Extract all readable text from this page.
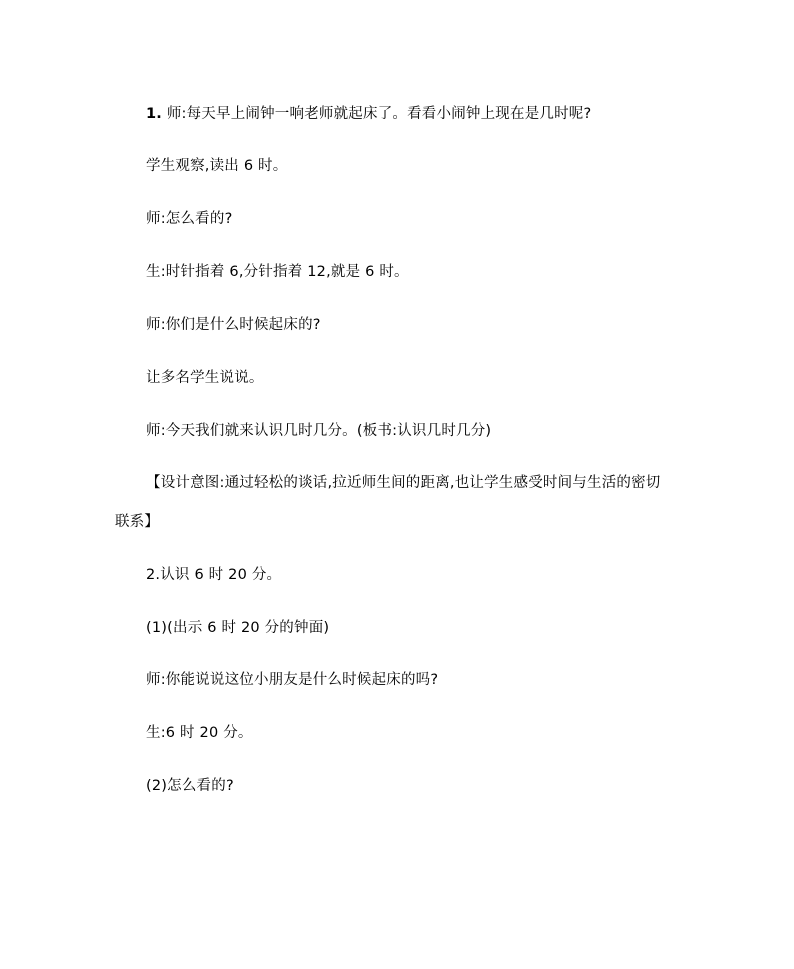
1. 师:每天早上闹钟一响老师就起床了。看看小闹钟上现在是几时呢?
学生观察,读出 6 时。
师:怎么看的?
生:时针指着 6,分针指着 12,就是 6 时。
师:你们是什么时候起床的?
让多名学生说说。
师:今天我们就来认识几时几分。(板书:认识几时几分)
【设计意图:通过轻松的谈话,拉近师生间的距离,也让学生感受时间与生活的密切
联系】
2.认识 6 时 20 分。
(1)(出示 6 时 20 分的钟面)
师:你能说说这位小朋友是什么时候起床的吗?
生:6 时 20 分。
(2)怎么看的?
